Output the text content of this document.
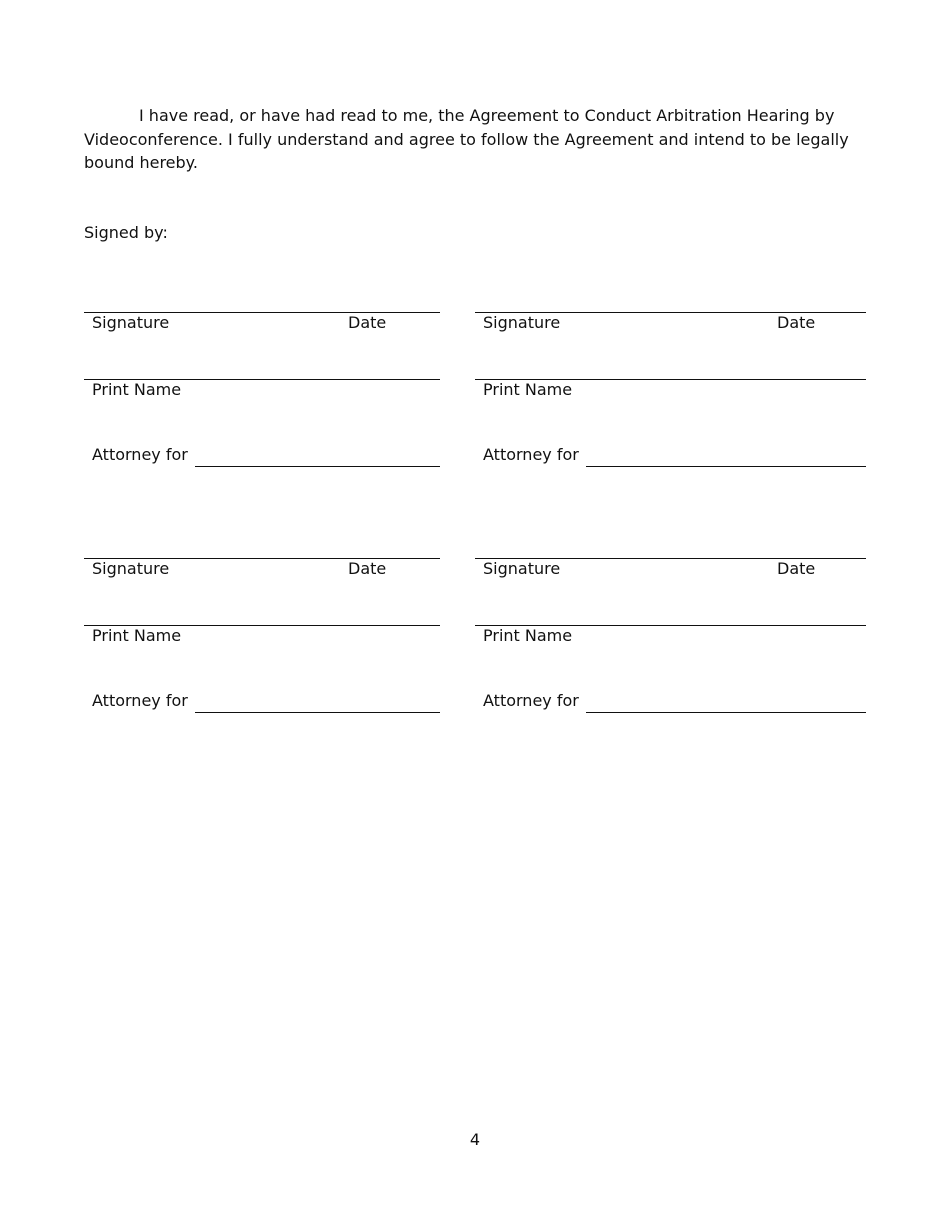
I have read, or have had read to me, the Agreement to Conduct Arbitration Hearing by Videoconference. I fully understand and agree to follow the Agreement and intend to be legally bound hereby.

Signed by:

Signature	Date

Print Name

Attorney for

Signature	Date

Print Name

Attorney for

Signature	Date

Print Name

Attorney for

Signature	Date

Print Name

Attorney for

4
